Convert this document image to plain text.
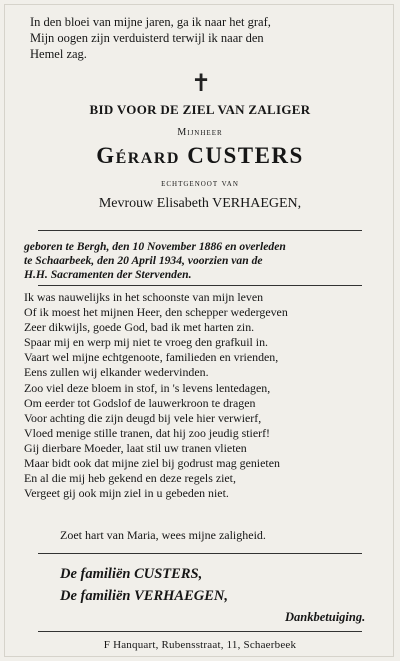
In den bloei van mijne jaren, ga ik naar het graf,

Mijn oogen zijn verduisterd terwijl ik naar den

Hemel zag.

✝
BID VOOR DE ZIEL VAN ZALIGER
Mijnheer
Gérard CUSTERS
echtgenoot van
Mevrouw Elisabeth VERHAEGEN,

geboren te Bergh, den 10 November 1886 en overleden

te Schaarbeek, den 20 April 1934, voorzien van de

H.H. Sacramenten der Stervenden.

Ik was nauwelijks in het schoonste van mijn leven

Of ik moest het mijnen Heer, den schepper wedergeven

Zeer dikwijls, goede God, bad ik met harten zin.

Spaar mij en werp mij niet te vroeg den grafkuil in.

Vaart wel mijne echtgenoote, familieden en vrienden,

Eens zullen wij elkander wedervinden.

Zoo viel deze bloem in stof, in 's levens lentedagen,

Om eerder tot Godslof de lauwerkroon te dragen

Voor achting die zijn deugd bij vele hier verwierf,

Vloed menige stille tranen, dat hij zoo jeudig stierf!

Gij dierbare Moeder, laat stil uw tranen vlieten

Maar bidt ook dat mijne ziel bij godrust mag genieten

En al die mij heb gekend en deze regels ziet,

Vergeet gij ook mijn ziel in u gebeden niet.

Zoet hart van Maria, wees mijne zaligheid.
De familiën CUSTERS,
De familiën VERHAEGEN,
Dankbetuiging.
F Hanquart, Rubensstraat, 11, Schaerbeek
